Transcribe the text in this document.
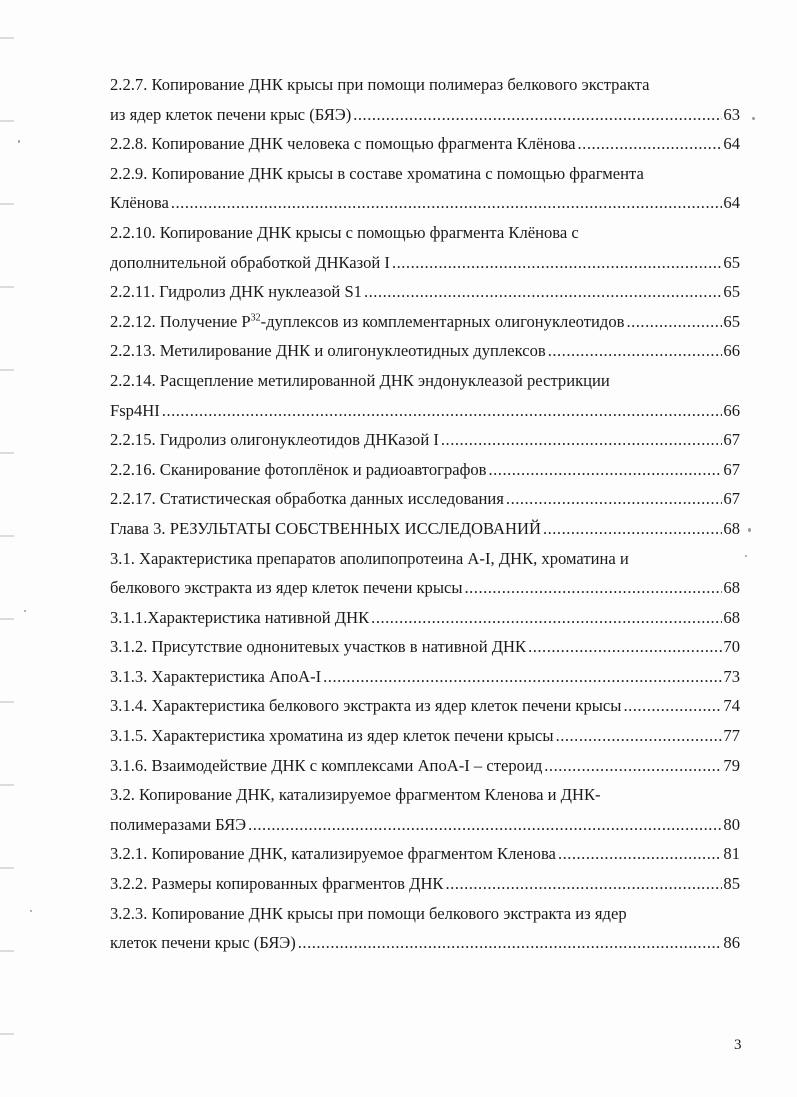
2.2.7. Копирование ДНК крысы при помощи полимераз белкового экстракта
из ядер клеток печени крыс (БЯЭ) .....	63
2.2.8. Копирование ДНК человека с помощью фрагмента Клёнова .....	64
2.2.9. Копирование ДНК крысы в составе хроматина с помощью фрагмента
Клёнова .....	64
2.2.10. Копирование ДНК крысы с помощью фрагмента Клёнова с
дополнительной обработкой ДНКазой I .....	65
2.2.11. Гидролиз ДНК нуклеазой S1 .....	65
2.2.12. Получение $Р^{32}$-дуплексов из комплементарных олигонуклеотидов .....	65
2.2.13. Метилирование ДНК и олигонуклеотидных дуплексов .....	66
2.2.14. Расщепление метилированной ДНК эндонуклеазой рестрикции
Fsp4HI .....	66
2.2.15. Гидролиз олигонуклеотидов ДНКазой I .....	67
2.2.16. Сканирование фотоплёнок и радиоавтографов .....	67
2.2.17. Статистическая обработка данных исследования .....	67
Глава 3. РЕЗУЛЬТАТЫ СОБСТВЕННЫХ ИССЛЕДОВАНИЙ .....	68
3.1. Характеристика препаратов аполипопротеина А-I, ДНК, хроматина и
белкового экстракта из ядер клеток печени крысы .....	68
3.1.1.Характеристика нативной ДНК .....	68
3.1.2. Присутствие однонитевых участков в нативной ДНК .....	70
3.1.3. Характеристика АпоА-I .....	73
3.1.4. Характеристика белкового экстракта из ядер клеток печени крысы .....	74
3.1.5. Характеристика хроматина из ядер клеток печени крысы .....	77
3.1.6. Взаимодействие ДНК с комплексами АпоА-I – стероид .....	79
3.2. Копирование ДНК, катализируемое фрагментом Кленова и ДНК-
полимеразами БЯЭ .....	80
3.2.1. Копирование ДНК, катализируемое фрагментом Кленова .....	81
3.2.2. Размеры копированных фрагментов ДНК .....	85
3.2.3. Копирование ДНК крысы при помощи белкового экстракта из ядер
клеток печени крыс (БЯЭ) .....	86
3
